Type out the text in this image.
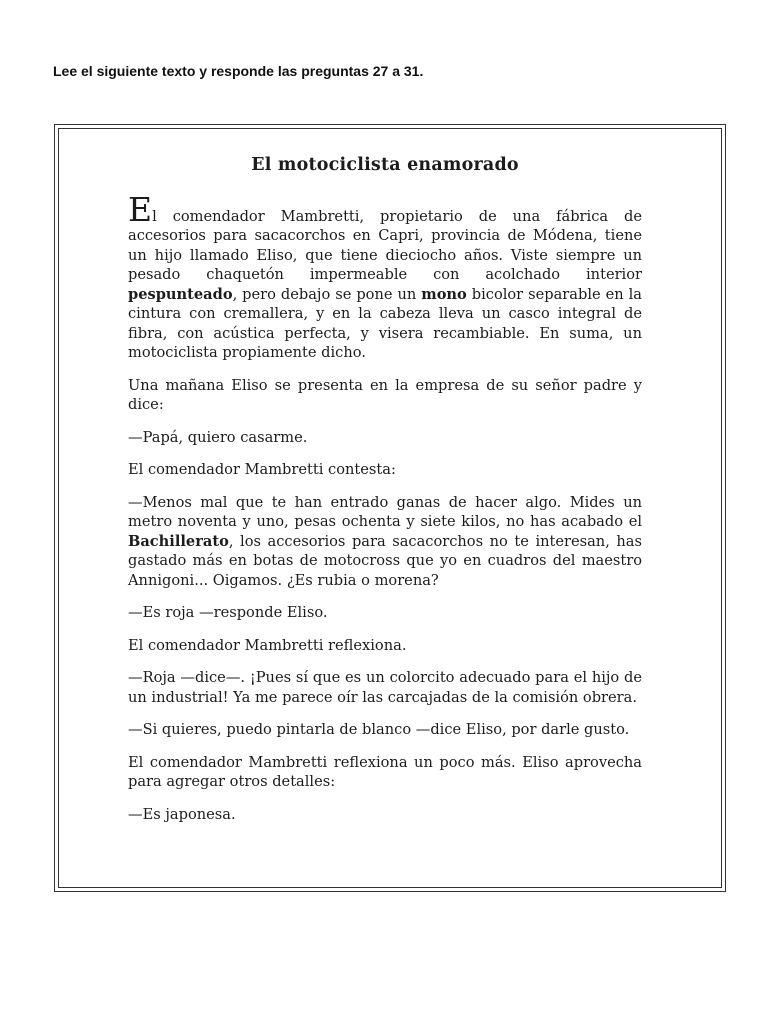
Lee el siguiente texto y responde las preguntas 27 a 31.

El motociclista enamorado

El comendador Mambretti, propietario de una fábrica de accesorios para sacacorchos en Capri, provincia de Módena, tiene un hijo llamado Eliso, que tiene dieciocho años. Viste siempre un pesado chaquetón impermeable con acolchado interior pespunteado, pero debajo se pone un mono bicolor separable en la cintura con cremallera, y en la cabeza lleva un casco integral de fibra, con acústica perfecta, y visera recambiable. En suma, un motociclista propiamente dicho.

Una mañana Eliso se presenta en la empresa de su señor padre y dice:

—Papá, quiero casarme.

El comendador Mambretti contesta:

—Menos mal que te han entrado ganas de hacer algo. Mides un metro noventa y uno, pesas ochenta y siete kilos, no has acabado el Bachillerato, los accesorios para sacacorchos no te interesan, has gastado más en botas de motocross que yo en cuadros del maestro Annigoni... Oigamos. ¿Es rubia o morena?

—Es roja —responde Eliso.

El comendador Mambretti reflexiona.

—Roja —dice—. ¡Pues sí que es un colorcito adecuado para el hijo de un industrial! Ya me parece oír las carcajadas de la comisión obrera.

—Si quieres, puedo pintarla de blanco —dice Eliso, por darle gusto.

El comendador Mambretti reflexiona un poco más. Eliso aprovecha para agregar otros detalles:

—Es japonesa.
